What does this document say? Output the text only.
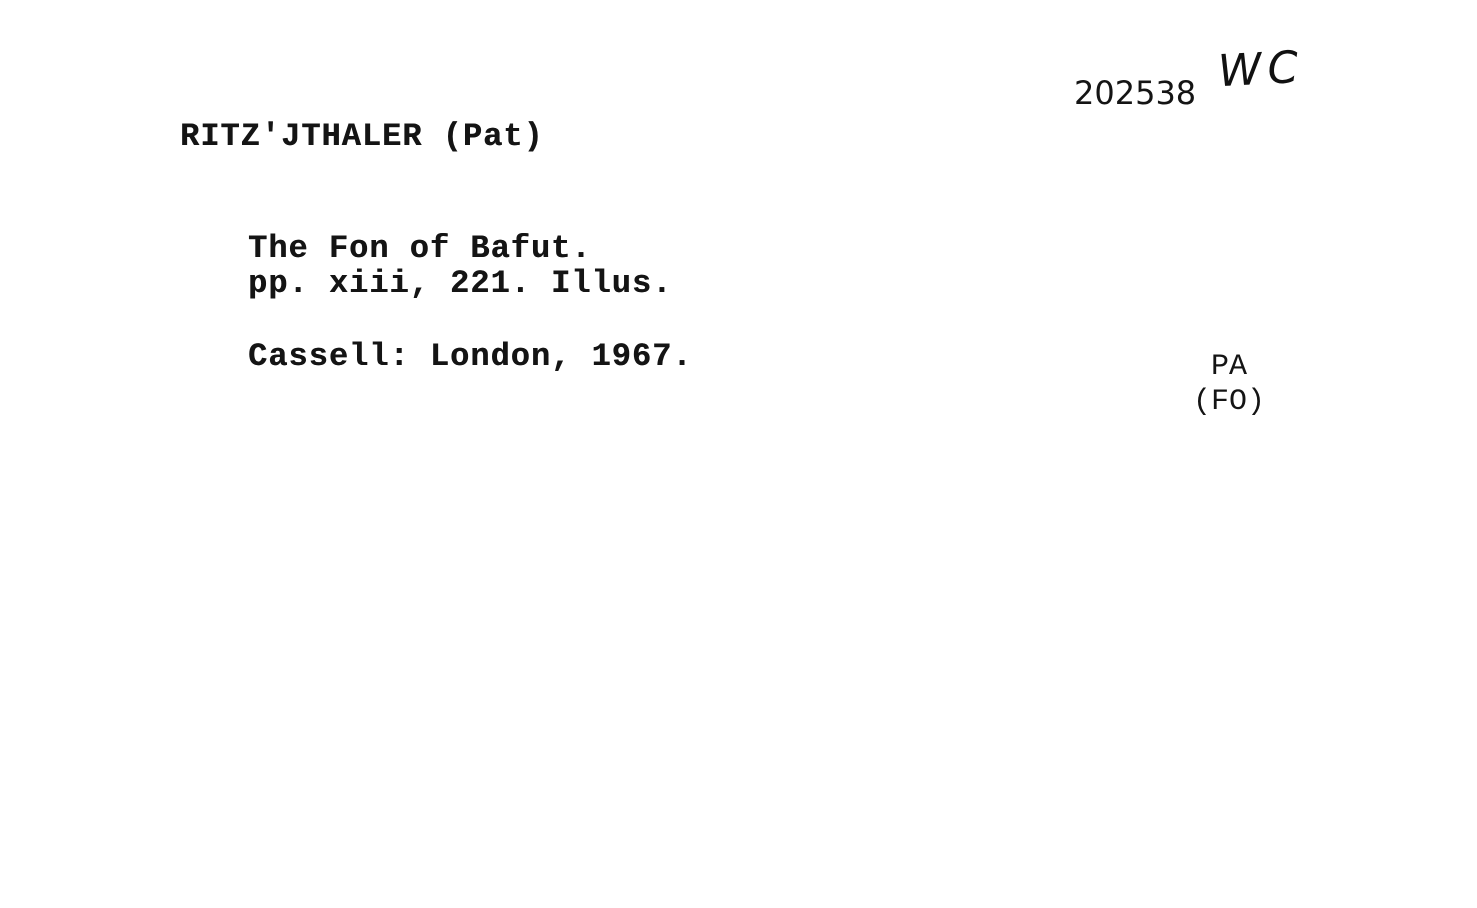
202538 WC
RITZ'JTHALER (Pat)
The Fon of Bafut.
pp. xiii, 221. Illus.
Cassell: London, 1967.	PA
(FO)
